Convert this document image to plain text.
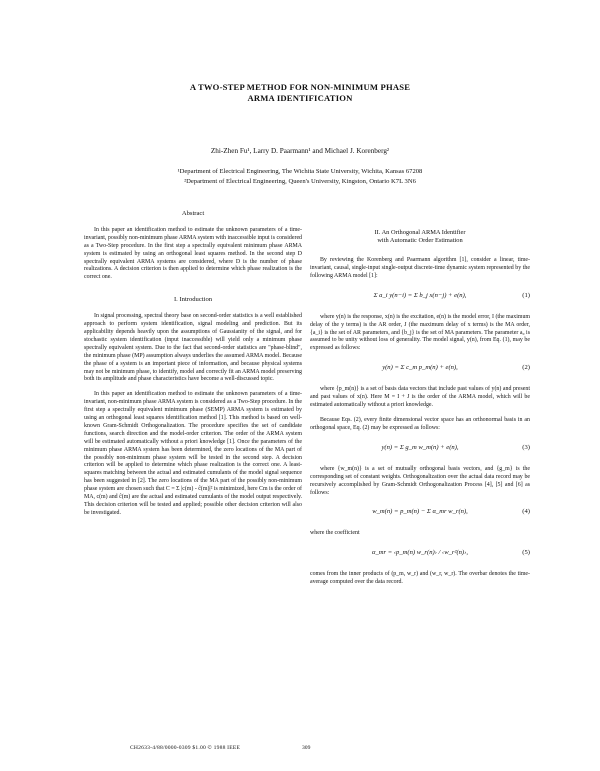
A TWO-STEP METHOD FOR NON-MINIMUM PHASE
ARMA IDENTIFICATION
Zhi-Zhen Fu¹, Larry D. Paarmann¹ and Michael J. Korenberg²
¹Department of Electrical Engineering, The Wichita State University, Wichita, Kansas 67208
²Department of Electrical Engineering, Queen's University, Kingston, Ontario K7L 3N6
Abstract

In this paper an identification method to estimate the unknown parameters of a time-invariant, possibly non-minimum phase ARMA system with inaccessible input is considered as a Two-Step procedure. In the first step a spectrally equivalent minimum phase ARMA system is estimated by using an orthogonal least squares method. In the second step D spectrally equivalent ARMA systems are considered, where D is the number of phase realizations. A decision criterion is then applied to determine which phase realization is the correct one.

I. Introduction

In signal processing, spectral theory base on second-order statistics is a well established approach to perform system identification, signal modeling and prediction. But its applicability depends heavily upon the assumptions of Gaussianity of the signal, and for stochastic system identification (input inaccessible) will yield only a minimum phase spectrally equivalent system. Due to the fact that second-order statistics are "phase-blind", the minimum phase (MP) assumption always underlies the assumed ARMA model. Because the phase of a system is an important piece of information, and because physical systems may not be minimum phase, to identify, model and correctly fit an ARMA model preserving both its amplitude and phase characteristics have become a well-discussed topic.

In this paper an identification method to estimate the unknown parameters of a time-invariant, non-minimum phase ARMA system is considered as a Two-Step procedure. In the first step a spectrally equivalent minimum phase (SEMP) ARMA system is estimated by using an orthogonal least squares identification method [1]. This method is based on well-known Gram-Schmidt Orthogonalization. The procedure specifies the set of candidate functions, search direction and the model-order criterion. The order of the ARMA system will be estimated automatically without a priori knowledge [1]. Once the parameters of the minimum phase ARMA system has been determined, the zero locations of the MA part of the possibly non-minimum phase system will be tested in the second step. A decision criterion will be applied to determine which phase realization is the correct one. A least-squares matching between the actual and estimated cumulants of the model signal sequence has been suggested in [2]. The zero locations of the MA part of the possibly non-minimum phase system are chosen such that C = Σ |c(m) - ĉ(m)|² is minimized, here Cm is the order of MA, c(m) and ĉ(m) are the actual and estimated cumulants of the model output respectively. This decision criterion will be tested and applied; possible other decision criterion will also be investigated.

II. An Orthogonal ARMA Identifier
with Automatic Order Estimation

By reviewing the Korenberg and Paarmann algorithm [1], consider a linear, time-invariant, causal, single-input single-output discrete-time dynamic system represented by the following ARMA model [1]:

Σ a_i y(n−i) = Σ b_j x(n−j) + e(n),	(1)

where y(n) is the response, x(n) is the excitation, e(n) is the model error, I (the maximum delay of the y terms) is the AR order, J (the maximum delay of x terms) is the MA order, {a_i} is the set of AR parameters, and {b_j} is the set of MA parameters. The parameter a₀ is assumed to be unity without loss of generality. The model signal, y(n), from Eq. (1), may be expressed as follows:

y(n) = Σ c_m p_m(n) + e(n),	(2)

where {p_m(n)} is a set of basis data vectors that include past values of y(n) and present and past values of x(n). Here M = I + J is the order of the ARMA model, which will be estimated automatically without a priori knowledge.

Because Eqs. (2), every finite dimensional vector space has an orthonormal basis in an orthogonal space, Eq. (2) may be expressed as follows:

y(n) = Σ g_m w_m(n) + e(n),	(3)

where {w_m(n)} is a set of mutually orthogonal basis vectors, and {g_m} is the corresponding set of constant weights. Orthogonalization over the actual data record may be recursively accomplished by Gram-Schmidt Orthogonalization Process [4], [5] and [6] as follows:

w_m(n) = p_m(n) − Σ α_mr w_r(n),	(4)

where the coefficient

α_mr = ‹p_m(n) w_r(n)› / ‹w_r²(n)›,	(5)

comes from the inner products of (p_m, w_r) and (w_r, w_r). The overbar denotes the time-average computed over the data record.

CH2633-4/88/0000-0309 $1.00 © 1988 IEEE	309
